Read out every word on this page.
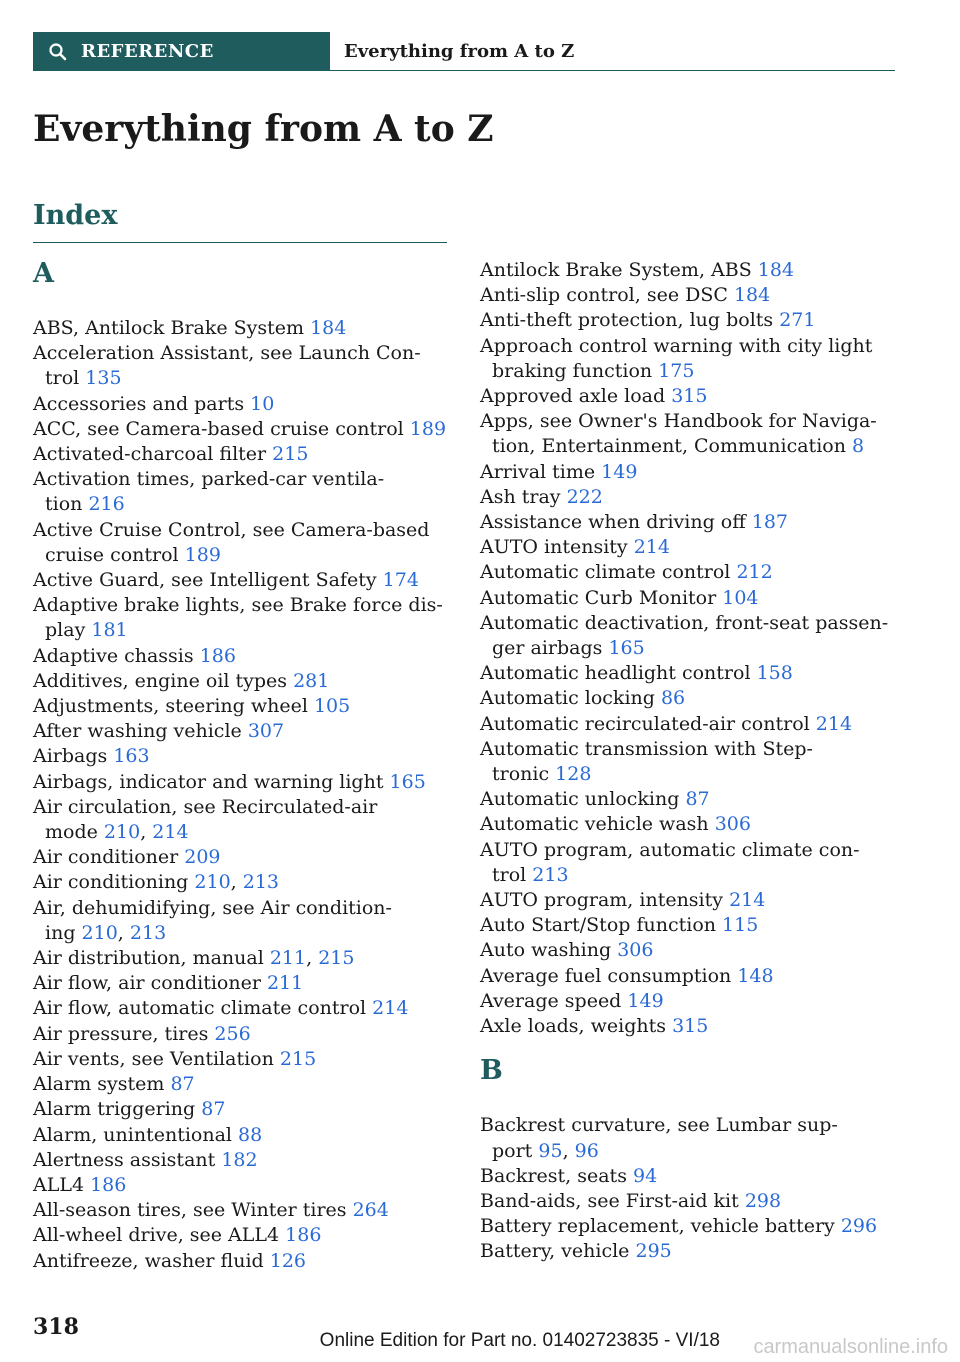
REFERENCE	Everything from A to Z
Everything from A to Z
Index
A
ABS, Antilock Brake System 184
Acceleration Assistant, see Launch Con-
trol 135
Accessories and parts 10
ACC, see Camera-based cruise control 189
Activated-charcoal filter 215
Activation times, parked-car ventila-
tion 216
Active Cruise Control, see Camera-based
cruise control 189
Active Guard, see Intelligent Safety 174
Adaptive brake lights, see Brake force dis-
play 181
Adaptive chassis 186
Additives, engine oil types 281
Adjustments, steering wheel 105
After washing vehicle 307
Airbags 163
Airbags, indicator and warning light 165
Air circulation, see Recirculated-air
mode 210, 214
Air conditioner 209
Air conditioning 210, 213
Air, dehumidifying, see Air condition-
ing 210, 213
Air distribution, manual 211, 215
Air flow, air conditioner 211
Air flow, automatic climate control 214
Air pressure, tires 256
Air vents, see Ventilation 215
Alarm system 87
Alarm triggering 87
Alarm, unintentional 88
Alertness assistant 182
ALL4 186
All-season tires, see Winter tires 264
All-wheel drive, see ALL4 186
Antifreeze, washer fluid 126
Antilock Brake System, ABS 184
Anti-slip control, see DSC 184
Anti-theft protection, lug bolts 271
Approach control warning with city light
braking function 175
Approved axle load 315
Apps, see Owner's Handbook for Naviga-
tion, Entertainment, Communication 8
Arrival time 149
Ash tray 222
Assistance when driving off 187
AUTO intensity 214
Automatic climate control 212
Automatic Curb Monitor 104
Automatic deactivation, front-seat passen-
ger airbags 165
Automatic headlight control 158
Automatic locking 86
Automatic recirculated-air control 214
Automatic transmission with Step-
tronic 128
Automatic unlocking 87
Automatic vehicle wash 306
AUTO program, automatic climate con-
trol 213
AUTO program, intensity 214
Auto Start/Stop function 115
Auto washing 306
Average fuel consumption 148
Average speed 149
Axle loads, weights 315
B
Backrest curvature, see Lumbar sup-
port 95, 96
Backrest, seats 94
Band-aids, see First-aid kit 298
Battery replacement, vehicle battery 296
Battery, vehicle 295
318
Online Edition for Part no. 01402723835 - VI/18 carmanualsonline.info
